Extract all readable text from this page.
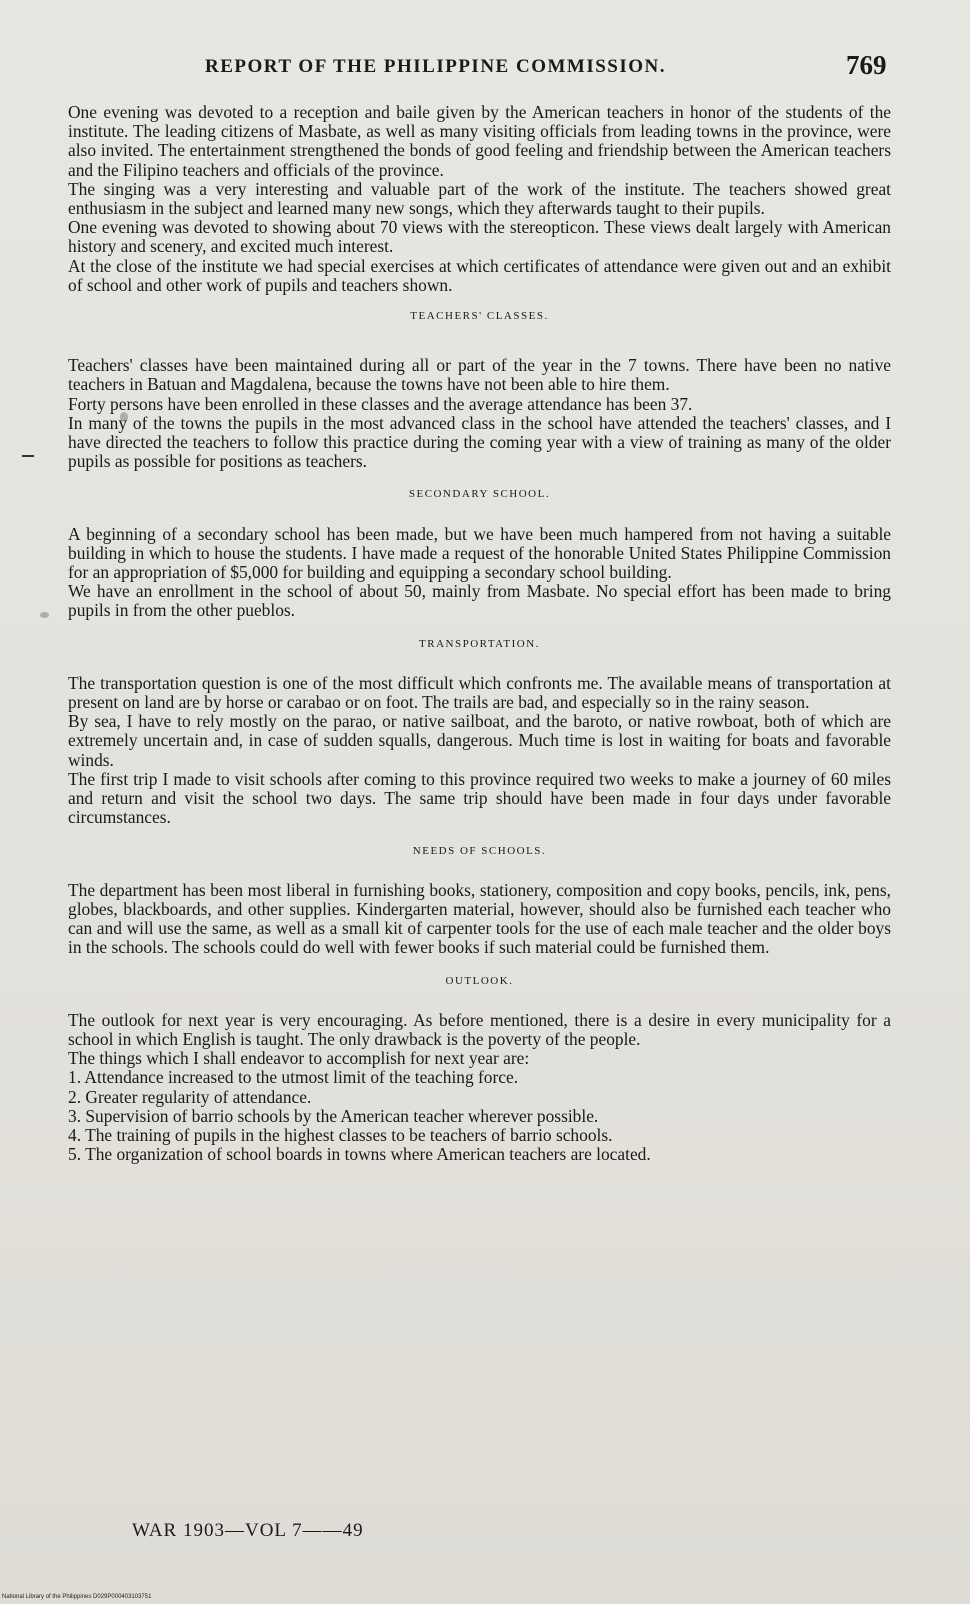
REPORT OF THE PHILIPPINE COMMISSION.	769

One evening was devoted to a reception and baile given by the American teachers in honor of the students of the institute. The leading citizens of Masbate, as well as many visiting officials from leading towns in the province, were also invited. The entertainment strengthened the bonds of good feeling and friendship between the American teachers and the Filipino teachers and officials of the province.

The singing was a very interesting and valuable part of the work of the institute. The teachers showed great enthusiasm in the subject and learned many new songs, which they afterwards taught to their pupils.

One evening was devoted to showing about 70 views with the stereopticon. These views dealt largely with American history and scenery, and excited much interest.

At the close of the institute we had special exercises at which certificates of attendance were given out and an exhibit of school and other work of pupils and teachers shown.

TEACHERS' CLASSES.

Teachers' classes have been maintained during all or part of the year in the 7 towns. There have been no native teachers in Batuan and Magdalena, because the towns have not been able to hire them.

Forty persons have been enrolled in these classes and the average attendance has been 37.

In many of the towns the pupils in the most advanced class in the school have attended the teachers' classes, and I have directed the teachers to follow this practice during the coming year with a view of training as many of the older pupils as possible for positions as teachers.

SECONDARY SCHOOL.

A beginning of a secondary school has been made, but we have been much hampered from not having a suitable building in which to house the students. I have made a request of the honorable United States Philippine Commission for an appropriation of $5,000 for building and equipping a secondary school building.

We have an enrollment in the school of about 50, mainly from Masbate. No special effort has been made to bring pupils in from the other pueblos.

TRANSPORTATION.

The transportation question is one of the most difficult which confronts me. The available means of transportation at present on land are by horse or carabao or on foot. The trails are bad, and especially so in the rainy season.

By sea, I have to rely mostly on the parao, or native sailboat, and the baroto, or native rowboat, both of which are extremely uncertain and, in case of sudden squalls, dangerous. Much time is lost in waiting for boats and favorable winds.

The first trip I made to visit schools after coming to this province required two weeks to make a journey of 60 miles and return and visit the school two days. The same trip should have been made in four days under favorable circumstances.

NEEDS OF SCHOOLS.

The department has been most liberal in furnishing books, stationery, composition and copy books, pencils, ink, pens, globes, blackboards, and other supplies. Kindergarten material, however, should also be furnished each teacher who can and will use the same, as well as a small kit of carpenter tools for the use of each male teacher and the older boys in the schools. The schools could do well with fewer books if such material could be furnished them.

OUTLOOK.

The outlook for next year is very encouraging. As before mentioned, there is a desire in every municipality for a school in which English is taught. The only drawback is the poverty of the people.

The things which I shall endeavor to accomplish for next year are:

1. Attendance increased to the utmost limit of the teaching force.

2. Greater regularity of attendance.

3. Supervision of barrio schools by the American teacher wherever possible.

4. The training of pupils in the highest classes to be teachers of barrio schools.

5. The organization of school boards in towns where American teachers are located.

WAR 1903—VOL 7——49
National Library of the Philippines D029P000403103751
